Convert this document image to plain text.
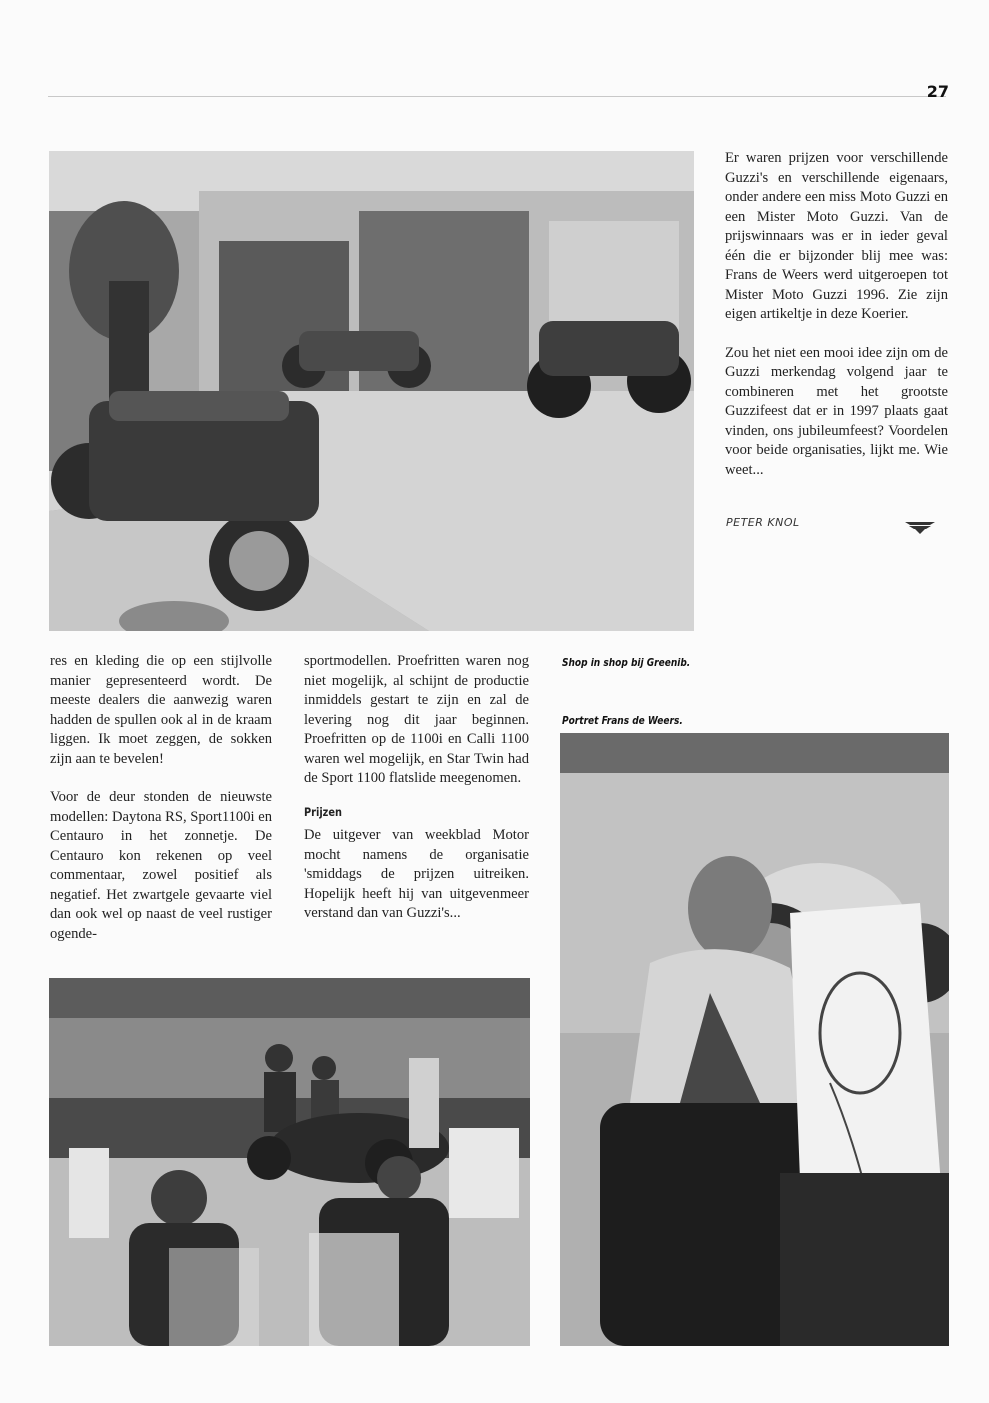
27

Er waren prijzen voor verschillende Guzzi's en verschillende eigenaars, onder andere een miss Moto Guzzi en een Mister Moto Guzzi. Van de prijswinnaars was er in ieder geval één die er bijzonder blij mee was: Frans de Weers werd uitgeroepen tot Mister Moto Guzzi 1996. Zie zijn eigen artikeltje in deze Koerier.

Zou het niet een mooi idee zijn om de Guzzi merkendag volgend jaar te combineren met het grootste Guzzifeest dat er in 1997 plaats gaat vinden, ons jubileumfeest? Voordelen voor beide organisaties, lijkt me. Wie weet...

PETER KNOL

res en kleding die op een stijlvolle manier gepresenteerd wordt. De meeste dealers die aanwezig waren hadden de spullen ook al in de kraam liggen. Ik moet zeggen, de sokken zijn aan te bevelen!

Voor de deur stonden de nieuwste modellen: Daytona RS, Sport1100i en Centauro in het zonnetje. De Centauro kon rekenen op veel commentaar, zowel positief als negatief. Het zwartgele gevaarte viel dan ook wel op naast de veel rustiger ogende-

sportmodellen. Proefritten waren nog niet mogelijk, al schijnt de productie inmiddels gestart te zijn en zal de levering nog dit jaar beginnen. Proefritten op de 1100i en Calli 1100 waren wel mogelijk, en Star Twin had de Sport 1100 flatslide meegenomen.

Prijzen

De uitgever van weekblad Motor mocht namens de organisatie 'smiddags de prijzen uitreiken. Hopelijk heeft hij van uitgevenmeer verstand dan van Guzzi's...

Shop in shop bij Greenib.
Portret Frans de Weers.
